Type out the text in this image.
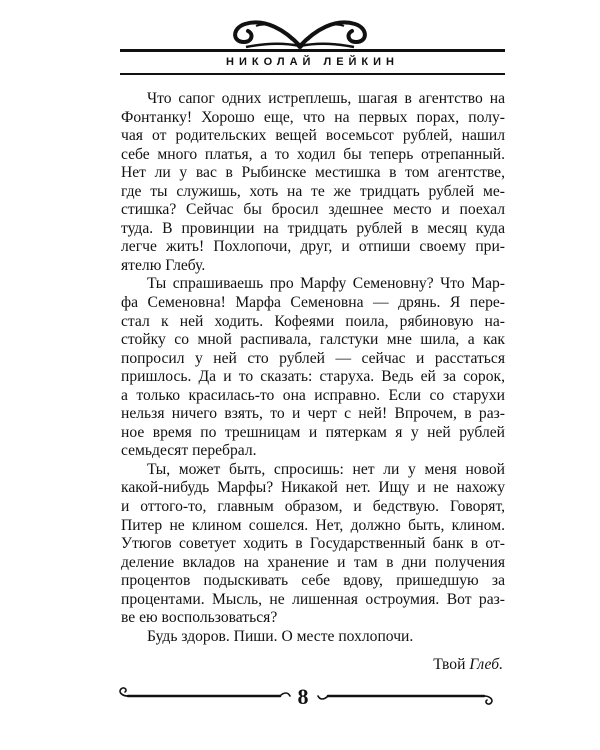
НИКОЛАЙ ЛЕЙКИН
Что сапог одних истреплешь, шагая в агентство на
Фонтанку! Хорошо еще, что на первых порах, полу-
чая от родительских вещей восемьсот рублей, нашил
себе много платья, а то ходил бы теперь отрепанный.
Нет ли у вас в Рыбинске местишка в том агентстве,
где ты служишь, хоть на те же тридцать рублей ме-
стишка? Сейчас бы бросил здешнее место и поехал
туда. В провинции на тридцать рублей в месяц куда
легче жить! Похлопочи, друг, и отпиши своему при-
ятелю Глебу.
Ты спрашиваешь про Марфу Семеновну? Что Мар-
фа Семеновна! Марфа Семеновна — дрянь. Я пере-
стал к ней ходить. Кофеями поила, рябиновую на-
стойку со мной распивала, галстуки мне шила, а как
попросил у ней сто рублей — сейчас и расстаться
пришлось. Да и то сказать: старуха. Ведь ей за сорок,
а только красилась-то она исправно. Если со старухи
нельзя ничего взять, то и черт с ней! Впрочем, в раз-
ное время по трешницам и пятеркам я у ней рублей
семьдесят перебрал.
Ты, может быть, спросишь: нет ли у меня новой
какой-нибудь Марфы? Никакой нет. Ищу и не нахожу
и оттого-то, главным образом, и бедствую. Говорят,
Питер не клином сошелся. Нет, должно быть, клином.
Утюгов советует ходить в Государственный банк в от-
деление вкладов на хранение и там в дни получения
процентов подыскивать себе вдову, пришедшую за
процентами. Мысль, не лишенная остроумия. Вот раз-
ве ею воспользоваться?
Будь здоров. Пиши. О месте похлопочи.
Твой Глеб.
8
